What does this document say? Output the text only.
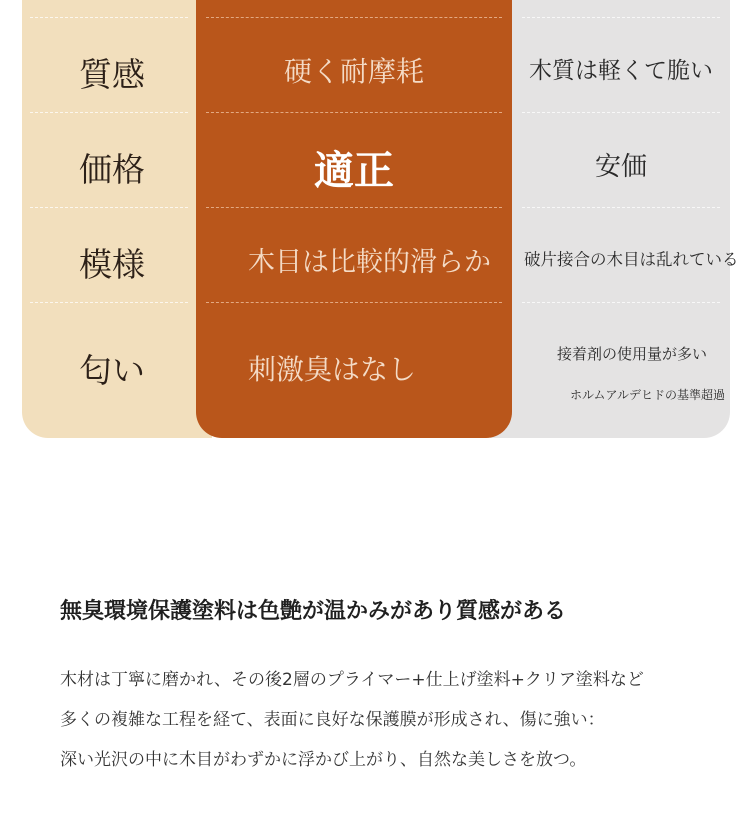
質感	硬く耐摩耗	木質は軽くて脆い
価格	適正	安価
模様	木目は比較的滑らか	破片接合の木目は乱れている
匂い	刺激臭はなし	接着剤の使用量が多い
ホルムアルデヒドの基準超過
無臭環境保護塗料は色艶が温かみがあり質感がある
木材は丁寧に磨かれ、その後2層のプライマー+仕上げ塗料+クリア塗料など
多くの複雑な工程を経て、表面に良好な保護膜が形成され、傷に強い：
深い光沢の中に木目がわずかに浮かび上がり、自然な美しさを放つ。
